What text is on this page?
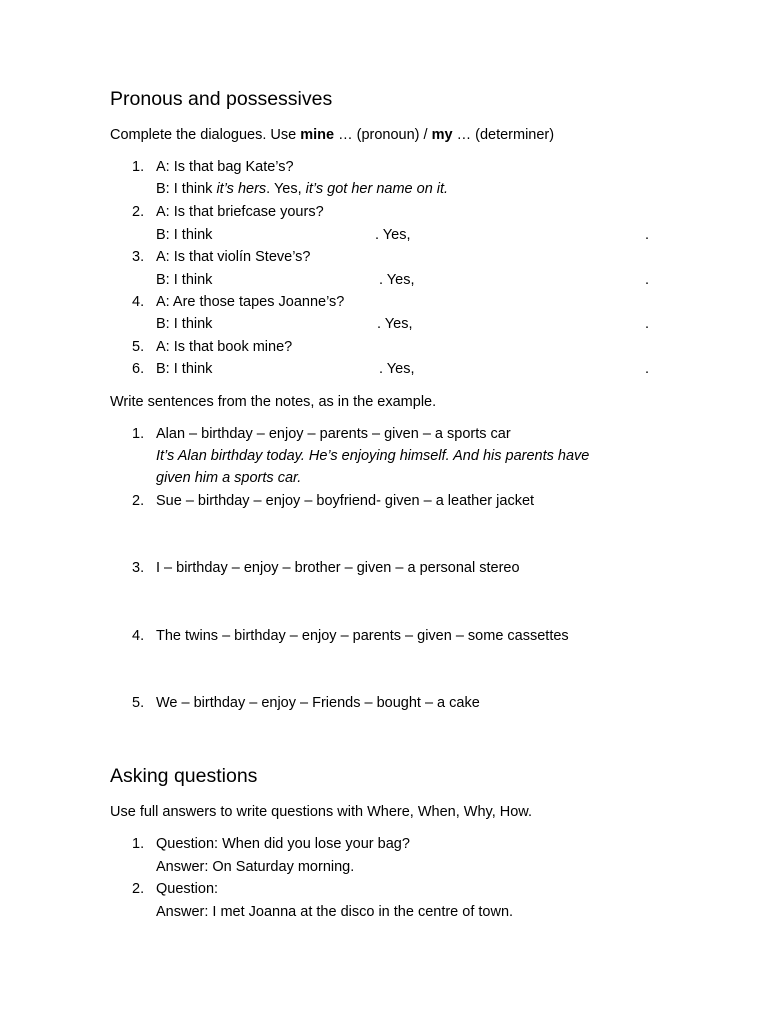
Pronous and possessives
Complete the dialogues. Use mine … (pronoun) / my … (determiner)
1. A: Is that bag Kate’s?
B: I think it’s hers. Yes, it’s got her name on it.
2. A: Is that briefcase yours?
B: I think	. Yes,	.
3. A: Is that violín Steve’s?
B: I think	. Yes,	.
4. A: Are those tapes Joanne’s?
B: I think	. Yes,	.
5. A: Is that book mine?
6. B: I think	. Yes,	.
Write sentences from the notes, as in the example.
1. Alan – birthday – enjoy – parents – given – a sports car
It’s Alan birthday today. He’s enjoying himself. And his parents have
given him a sports car.
2. Sue – birthday – enjoy – boyfriend- given – a leather jacket
3. I – birthday – enjoy – brother – given – a personal stereo
4. The twins – birthday – enjoy – parents – given – some cassettes
5. We – birthday – enjoy – Friends – bought – a cake
Asking questions
Use full answers to write questions with Where, When, Why, How.
1. Question: When did you lose your bag?
Answer: On Saturday morning.
2. Question:
Answer: I met Joanna at the disco in the centre of town.
